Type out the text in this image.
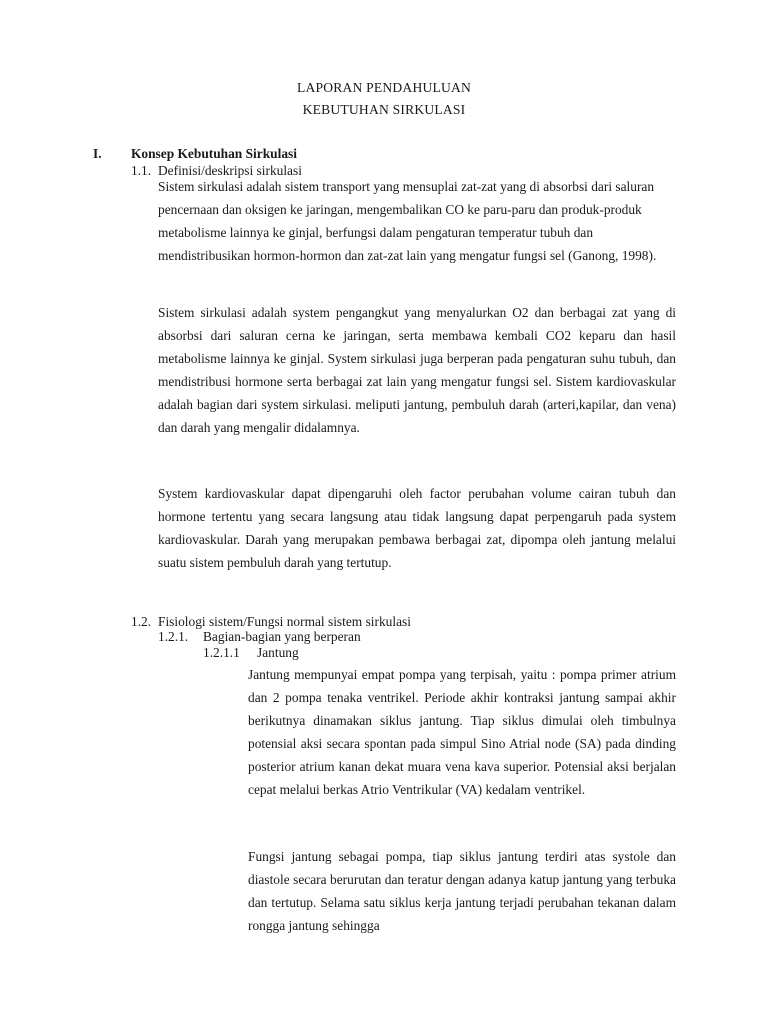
LAPORAN PENDAHULUAN
KEBUTUHAN SIRKULASI
I. Konsep Kebutuhan Sirkulasi
1.1. Definisi/deskripsi sirkulasi

Sistem sirkulasi adalah sistem transport yang mensuplai zat-zat yang di absorbsi dari saluran pencernaan dan oksigen ke jaringan, mengembalikan CO ke paru-paru dan produk-produk metabolisme lainnya ke ginjal, berfungsi dalam pengaturan temperatur tubuh dan mendistribusikan hormon-hormon dan zat-zat lain yang mengatur fungsi sel (Ganong, 1998).

Sistem sirkulasi adalah system pengangkut yang menyalurkan O2 dan berbagai zat yang di absorbsi dari saluran cerna ke jaringan, serta membawa kembali CO2 keparu dan hasil metabolisme lainnya ke ginjal. System sirkulasi juga berperan pada pengaturan suhu tubuh, dan mendistribusi hormone serta berbagai zat lain yang mengatur fungsi sel. Sistem kardiovaskular adalah bagian dari system sirkulasi. meliputi jantung, pembuluh darah (arteri,kapilar, dan vena) dan darah yang mengalir didalamnya.

System kardiovaskular dapat dipengaruhi oleh factor perubahan volume cairan tubuh dan hormone tertentu yang secara langsung atau tidak langsung dapat perpengaruh pada system kardiovaskular. Darah yang merupakan pembawa berbagai zat, dipompa oleh jantung melalui suatu sistem pembuluh darah yang tertutup.

1.2. Fisiologi sistem/Fungsi normal sistem sirkulasi
1.2.1. Bagian-bagian yang berperan
1.2.1.1 Jantung

Jantung mempunyai empat pompa yang terpisah, yaitu : pompa primer atrium dan 2 pompa tenaka ventrikel. Periode akhir kontraksi jantung sampai akhir berikutnya dinamakan siklus jantung. Tiap siklus dimulai oleh timbulnya potensial aksi secara spontan pada simpul Sino Atrial node (SA) pada dinding posterior atrium kanan dekat muara vena kava superior. Potensial aksi berjalan cepat melalui berkas Atrio Ventrikular (VA) kedalam ventrikel.

Fungsi jantung sebagai pompa, tiap siklus jantung terdiri atas systole dan diastole secara berurutan dan teratur dengan adanya katup jantung yang terbuka dan tertutup. Selama satu siklus kerja jantung terjadi perubahan tekanan dalam rongga jantung sehingga
